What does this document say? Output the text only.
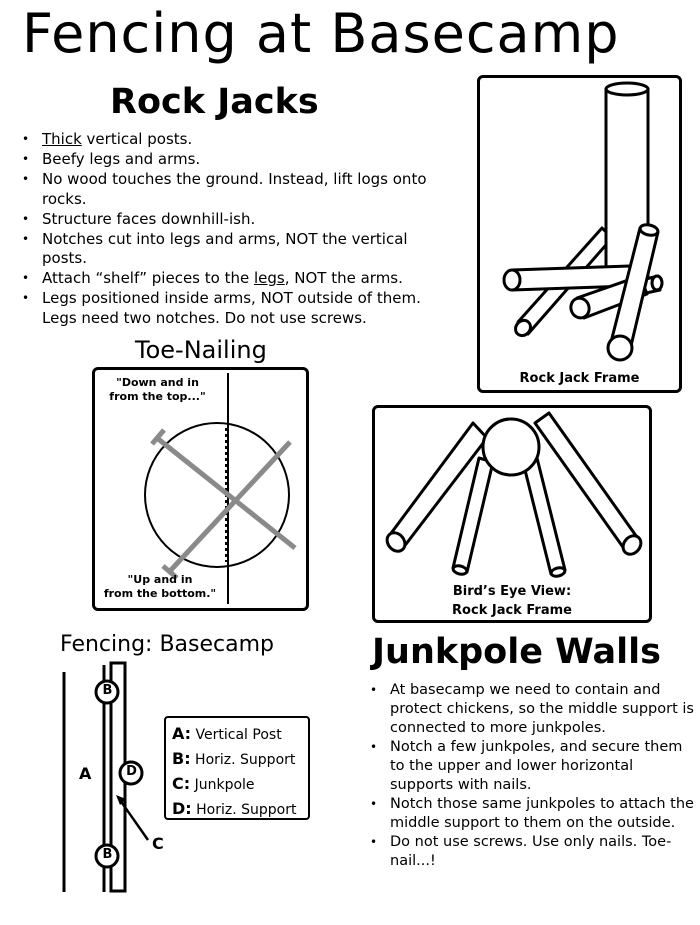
Fencing at Basecamp
Rock Jacks
• Thick vertical posts.
• Beefy legs and arms.
• No wood touches the ground. Instead, lift logs onto rocks.
• Structure faces downhill-ish.
• Notches cut into legs and arms, NOT the vertical posts.
• Attach “shelf” pieces to the legs, NOT the arms.
• Legs positioned inside arms, NOT outside of them. Legs need two notches. Do not use screws.
Toe-Nailing
"Down and in
from the top..."
"Up and in
from the bottom."
Rock Jack Frame
Bird’s Eye View:
Rock Jack Frame
Fencing: Basecamp
B
D
B
A
C
A: Vertical Post
B: Horiz. Support
C: Junkpole
D: Horiz. Support
Junkpole Walls
• At basecamp we need to contain and protect chickens, so the middle support is connected to more junkpoles.
• Notch a few junkpoles, and secure them to the upper and lower horizontal supports with nails.
• Notch those same junkpoles to attach the middle support to them on the outside.
• Do not use screws. Use only nails. Toe-nail...!
